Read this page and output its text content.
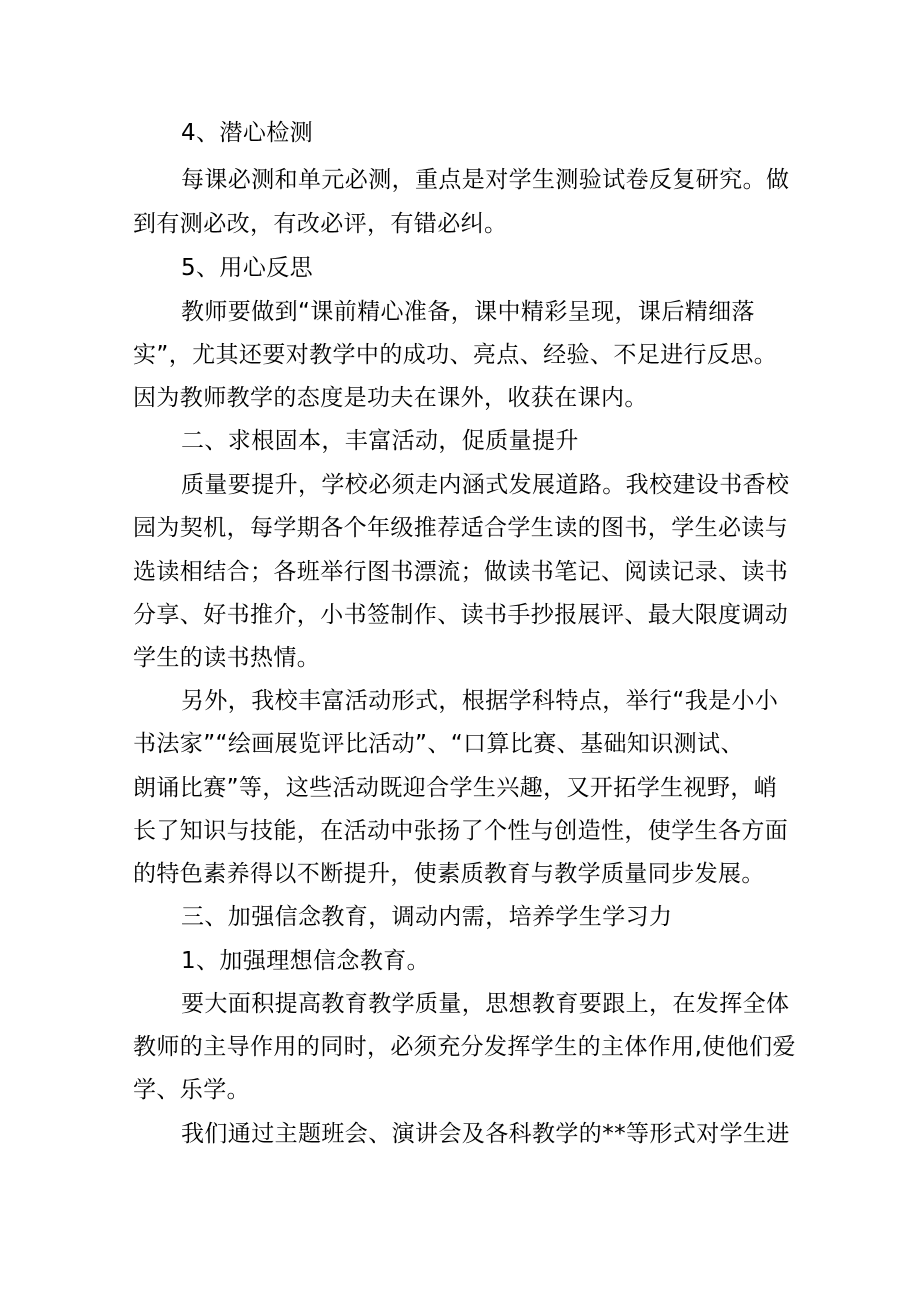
4、潜心检测
每课必测和单元必测，重点是对学生测验试卷反复研究。做
到有测必改，有改必评，有错必纠。
5、用心反思
教师要做到“课前精心准备，课中精彩呈现，课后精细落
实”，尤其还要对教学中的成功、亮点、经验、不足进行反思。
因为教师教学的态度是功夫在课外，收获在课内。
二、求根固本，丰富活动，促质量提升
质量要提升，学校必须走内涵式发展道路。我校建设书香校
园为契机，每学期各个年级推荐适合学生读的图书，学生必读与
选读相结合；各班举行图书漂流；做读书笔记、阅读记录、读书
分享、好书推介，小书签制作、读书手抄报展评、最大限度调动
学生的读书热情。
另外，我校丰富活动形式，根据学科特点，举行“我是小小
书法家”“绘画展览评比活动”、“口算比赛、基础知识测试、
朗诵比赛”等，这些活动既迎合学生兴趣，又开拓学生视野，峭
长了知识与技能，在活动中张扬了个性与创造性，使学生各方面
的特色素养得以不断提升，使素质教育与教学质量同步发展。
三、加强信念教育，调动内需，培养学生学习力
1、加强理想信念教育。
要大面积提高教育教学质量，思想教育要跟上，在发挥全体
教师的主导作用的同时，必须充分发挥学生的主体作用,使他们爱
学、乐学。
我们通过主题班会、演讲会及各科教学的**等形式对学生进
